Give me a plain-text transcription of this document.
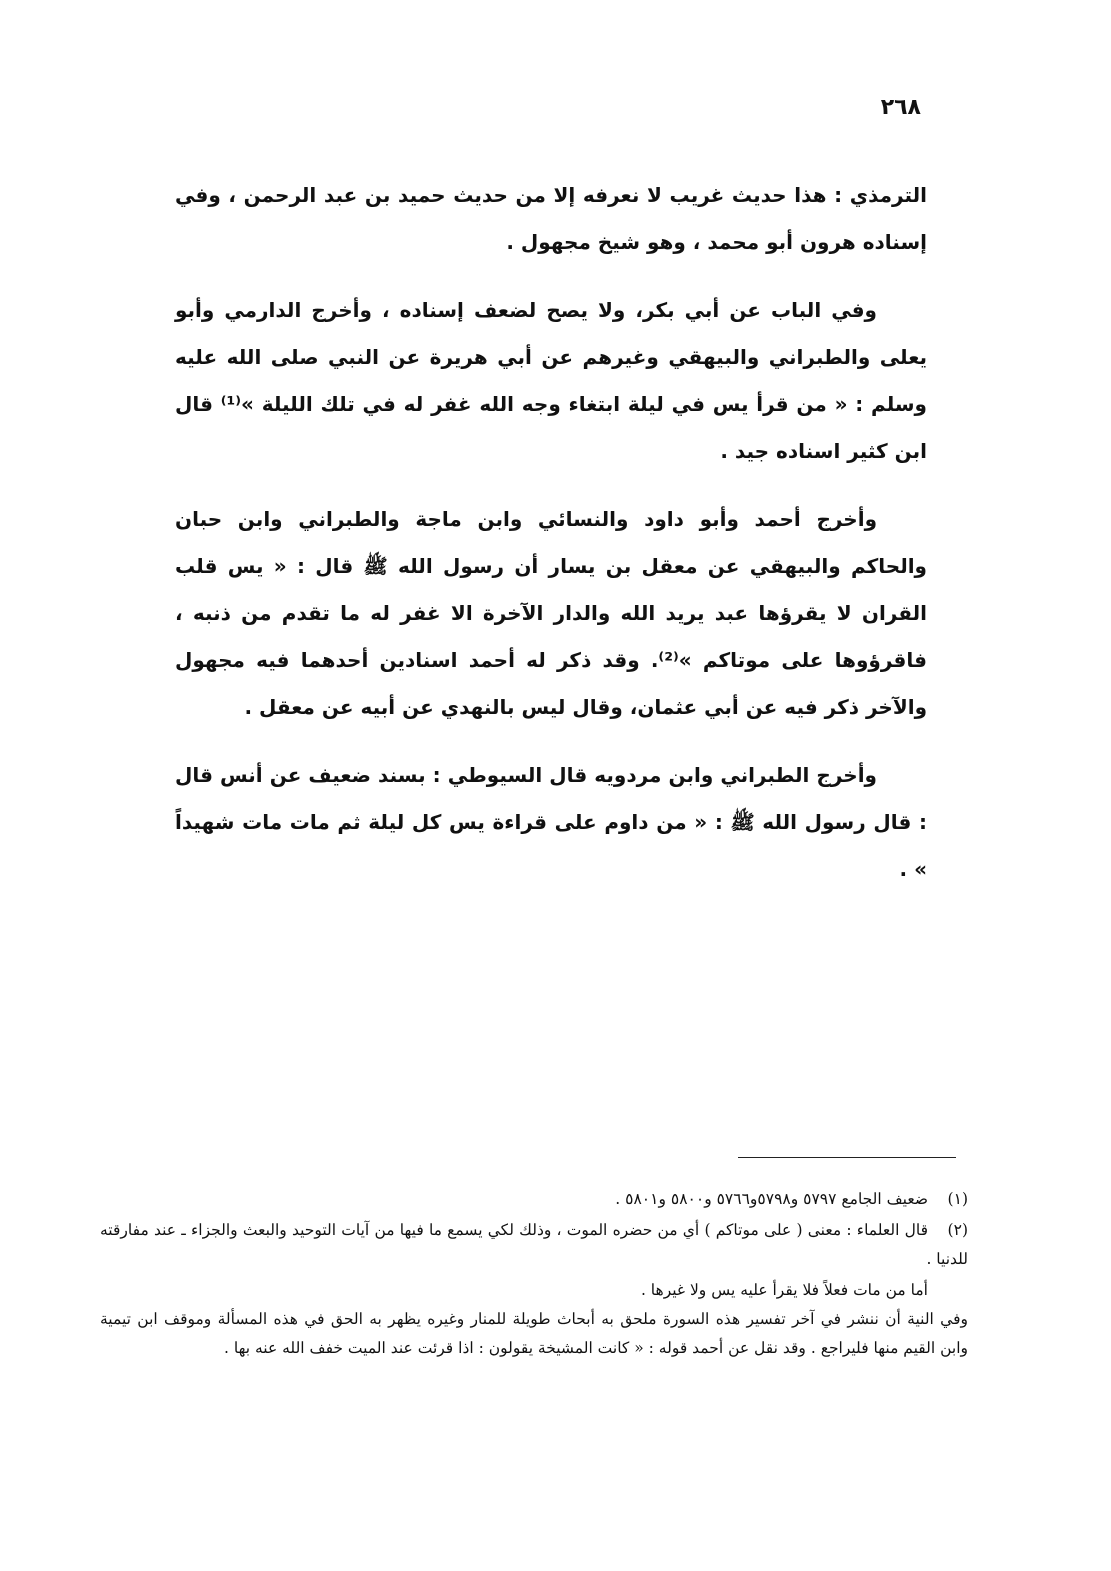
٢٦٨

الترمذي : هذا حديث غريب لا نعرفه إلا من حديث حميد بن عبد الرحمن ، وفي إسناده هرون أبو محمد ، وهو شيخ مجهول .

وفي الباب عن أبي بكر، ولا يصح لضعف إسناده ، وأخرج الدارمي وأبو يعلى والطبراني والبيهقي وغيرهم عن أبي هريرة عن النبي صلى الله عليه وسلم : « من قرأ يس في ليلة ابتغاء وجه الله غفر له في تلك الليلة »⁽¹⁾ قال ابن كثير اسناده جيد .

وأخرج أحمد وأبو داود والنسائي وابن ماجة والطبراني وابن حبان والحاكم والبيهقي عن معقل بن يسار أن رسول الله ﷺ قال : « يس قلب القران لا يقرؤها عبد يريد الله والدار الآخرة الا غفر له ما تقدم من ذنبه ، فاقرؤوها على موتاكم »⁽²⁾. وقد ذكر له أحمد اسنادين أحدهما فيه مجهول والآخر ذكر فيه عن أبي عثمان، وقال ليس بالنهدي عن أبيه عن معقل .

وأخرج الطبراني وابن مردويه قال السيوطي : بسند ضعيف عن أنس قال : قال رسول الله ﷺ : « من داوم على قراءة يس كل ليلة ثم مات مات شهيداً » .

(١)ضعيف الجامع ٥٧٩٧ و٥٧٩٨و٥٧٦٦ و٥٨٠٠ و٥٨٠١ .
(٢)قال العلماء : معنى ( على موتاكم ) أي من حضره الموت ، وذلك لكي يسمع ما فيها من آيات التوحيد والبعث والجزاء ـ عند مفارقته للدنيا .

أما من مات فعلاً فلا يقرأ عليه يس ولا غيرها .

وفي النية أن ننشر في آخر تفسير هذه السورة ملحق به أبحاث طويلة للمنار وغيره يظهر به الحق في هذه المسألة وموقف ابن تيمية وابن القيم منها فليراجع . وقد نقل عن أحمد قوله : « كانت المشيخة يقولون : اذا قرئت عند الميت خفف الله عنه بها .
